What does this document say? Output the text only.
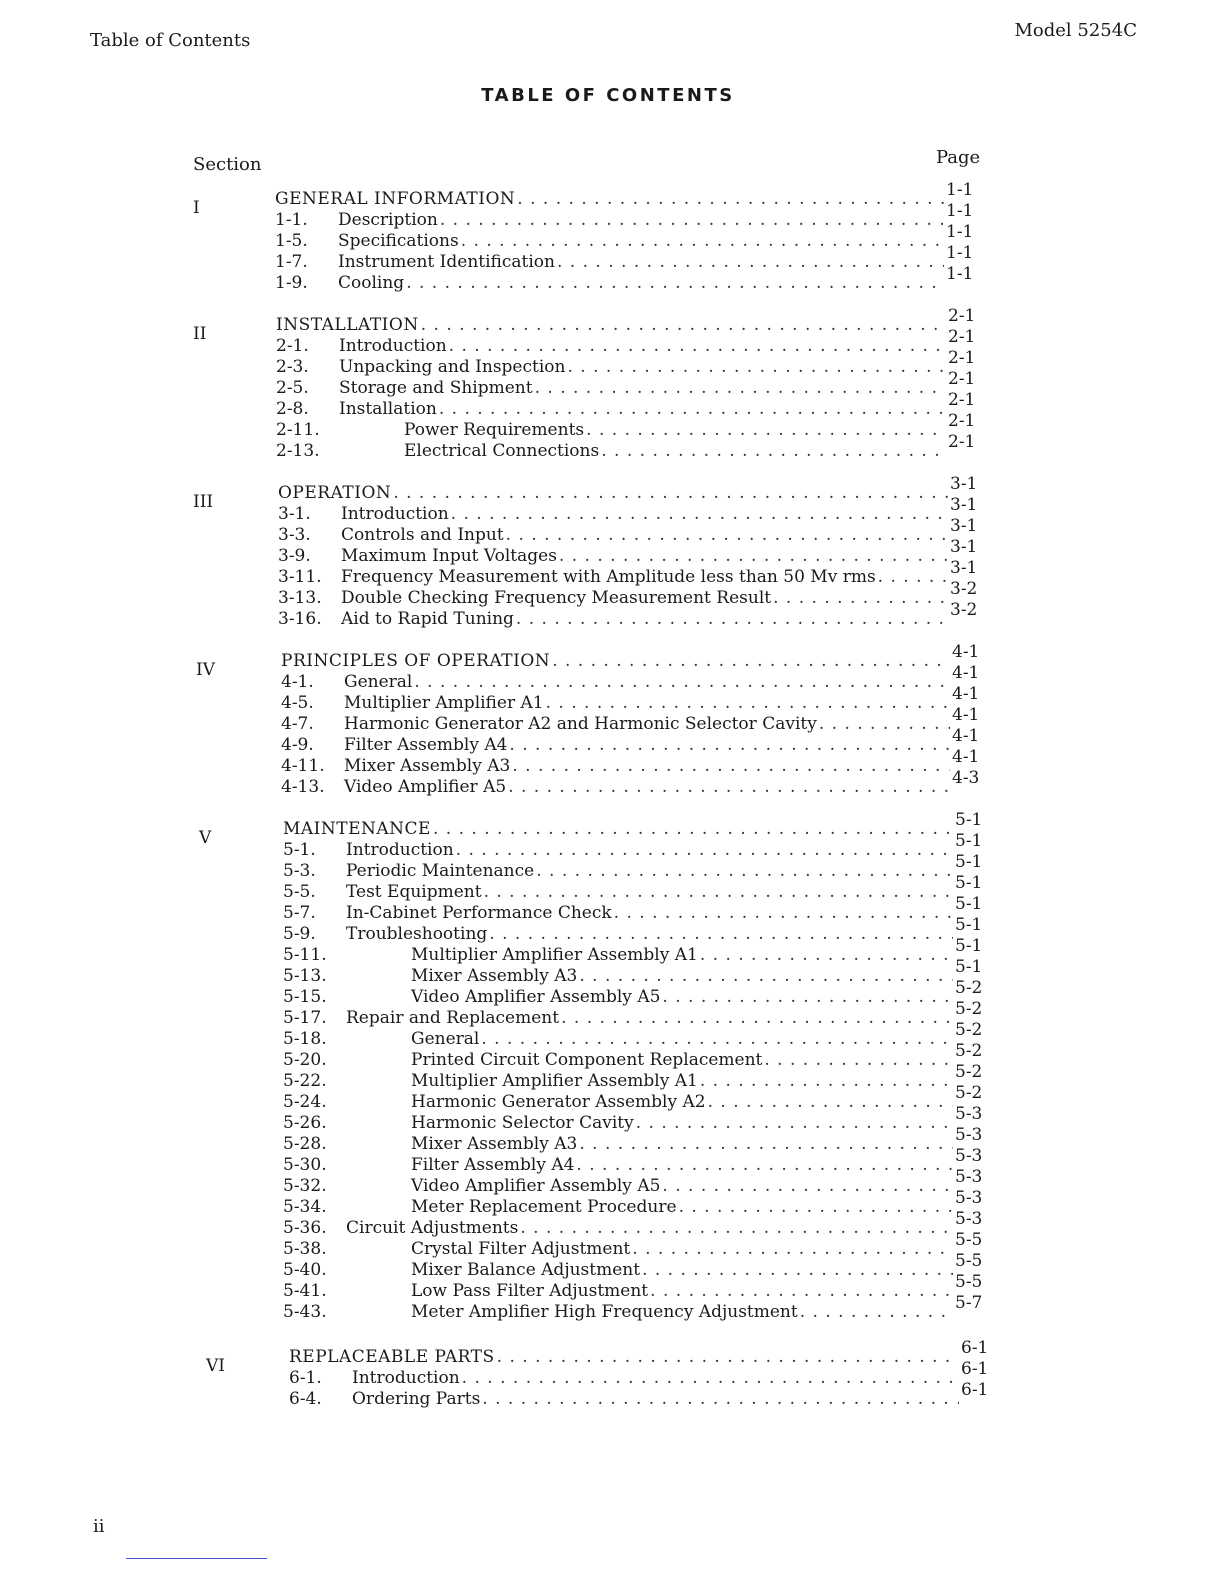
Table of Contents	Model 5254C
TABLE OF CONTENTS
Section	Page
I	GENERAL INFORMATION . . .	1-1
1-1.	Description . . .	1-1
1-5.	Specifications . . .	1-1
1-7.	Instrument Identification . . .	1-1
1-9.	Cooling . . .	1-1
II	INSTALLATION . . .	2-1
2-1.	Introduction . . .	2-1
2-3.	Unpacking and Inspection . . .	2-1
2-5.	Storage and Shipment . . .	2-1
2-8.	Installation . . .	2-1
2-11.	Power Requirements . . .	2-1
2-13.	Electrical Connections . . .	2-1
III	OPERATION . . .	3-1
3-1.	Introduction . . .	3-1
3-3.	Controls and Input . . .	3-1
3-9.	Maximum Input Voltages . . .	3-1
3-11.	Frequency Measurement with Amplitude less than 50 Mv rms . . .	3-1
3-13.	Double Checking Frequency Measurement Result . . .	3-2
3-16.	Aid to Rapid Tuning . . .	3-2
IV	PRINCIPLES OF OPERATION . . .	4-1
4-1.	General . . .	4-1
4-5.	Multiplier Amplifier A1 . . .	4-1
4-7.	Harmonic Generator A2 and Harmonic Selector Cavity . . .	4-1
4-9.	Filter Assembly A4 . . .	4-1
4-11.	Mixer Assembly A3 . . .	4-1
4-13.	Video Amplifier A5 . . .	4-3
V	MAINTENANCE . . .	5-1
5-1.	Introduction . . .	5-1
5-3.	Periodic Maintenance . . .	5-1
5-5.	Test Equipment . . .	5-1
5-7.	In-Cabinet Performance Check . . .	5-1
5-9.	Troubleshooting . . .	5-1
5-11.	Multiplier Amplifier Assembly A1 . . .	5-1
5-13.	Mixer Assembly A3 . . .	5-1
5-15.	Video Amplifier Assembly A5 . . .	5-2
5-17.	Repair and Replacement . . .	5-2
5-18.	General . . .	5-2
5-20.	Printed Circuit Component Replacement . . .	5-2
5-22.	Multiplier Amplifier Assembly A1 . . .	5-2
5-24.	Harmonic Generator Assembly A2 . . .	5-2
5-26.	Harmonic Selector Cavity . . .	5-3
5-28.	Mixer Assembly A3 . . .	5-3
5-30.	Filter Assembly A4 . . .	5-3
5-32.	Video Amplifier Assembly A5 . . .	5-3
5-34.	Meter Replacement Procedure . . .	5-3
5-36.	Circuit Adjustments . . .	5-3
5-38.	Crystal Filter Adjustment . . .	5-5
5-40.	Mixer Balance Adjustment . . .	5-5
5-41.	Low Pass Filter Adjustment . . .	5-5
5-43.	Meter Amplifier High Frequency Adjustment . . .	5-7
VI	REPLACEABLE PARTS . . .	6-1
6-1.	Introduction . . .	6-1
6-4.	Ordering Parts . . .	6-1
ii
